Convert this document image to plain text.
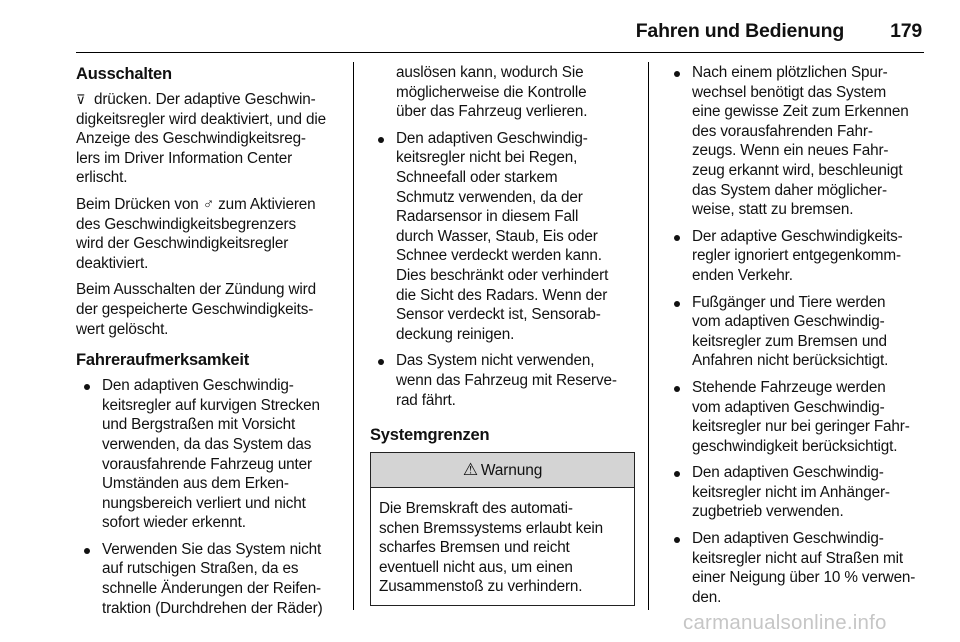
Fahren und Bedienung 179
Ausschalten

⊽ drücken. Der adaptive Geschwin-
digkeitsregler wird deaktiviert, und die
Anzeige des Geschwindigkeitsreg-
lers im Driver Information Center
erlischt.

Beim Drücken von ♂ zum Aktivieren
des Geschwindigkeitsbegrenzers
wird der Geschwindigkeitsregler
deaktiviert.

Beim Ausschalten der Zündung wird
der gespeicherte Geschwindigkeits-
wert gelöscht.

Fahreraufmerksamkeit
Den adaptiven Geschwindig-
keitsregler auf kurvigen Strecken
und Bergstraßen mit Vorsicht
verwenden, da das System das
vorausfahrende Fahrzeug unter
Umständen aus dem Erken-
nungsbereich verliert und nicht
sofort wieder erkennt.
Verwenden Sie das System nicht
auf rutschigen Straßen, da es
schnelle Änderungen der Reifen-
traktion (Durchdrehen der Räder)
auslösen kann, wodurch Sie
möglicherweise die Kontrolle
über das Fahrzeug verlieren.
Den adaptiven Geschwindig-
keitsregler nicht bei Regen,
Schneefall oder starkem
Schmutz verwenden, da der
Radarsensor in diesem Fall
durch Wasser, Staub, Eis oder
Schnee verdeckt werden kann.
Dies beschränkt oder verhindert
die Sicht des Radars. Wenn der
Sensor verdeckt ist, Sensorab-
deckung reinigen.
Das System nicht verwenden,
wenn das Fahrzeug mit Reserve-
rad fährt.
Systemgrenzen
⚠ Warnung
Die Bremskraft des automati-
schen Bremssystems erlaubt kein
scharfes Bremsen und reicht
eventuell nicht aus, um einen
Zusammenstoß zu verhindern.
Nach einem plötzlichen Spur-
wechsel benötigt das System
eine gewisse Zeit zum Erkennen
des vorausfahrenden Fahr-
zeugs. Wenn ein neues Fahr-
zeug erkannt wird, beschleunigt
das System daher möglicher-
weise, statt zu bremsen.
Der adaptive Geschwindigkeits-
regler ignoriert entgegenkomm-
enden Verkehr.
Fußgänger und Tiere werden
vom adaptiven Geschwindig-
keitsregler zum Bremsen und
Anfahren nicht berücksichtigt.
Stehende Fahrzeuge werden
vom adaptiven Geschwindig-
keitsregler nur bei geringer Fahr-
geschwindigkeit berücksichtigt.
Den adaptiven Geschwindig-
keitsregler nicht im Anhänger-
zugbetrieb verwenden.
Den adaptiven Geschwindig-
keitsregler nicht auf Straßen mit
einer Neigung über 10 % verwen-
den.
carmanualsonline.info
